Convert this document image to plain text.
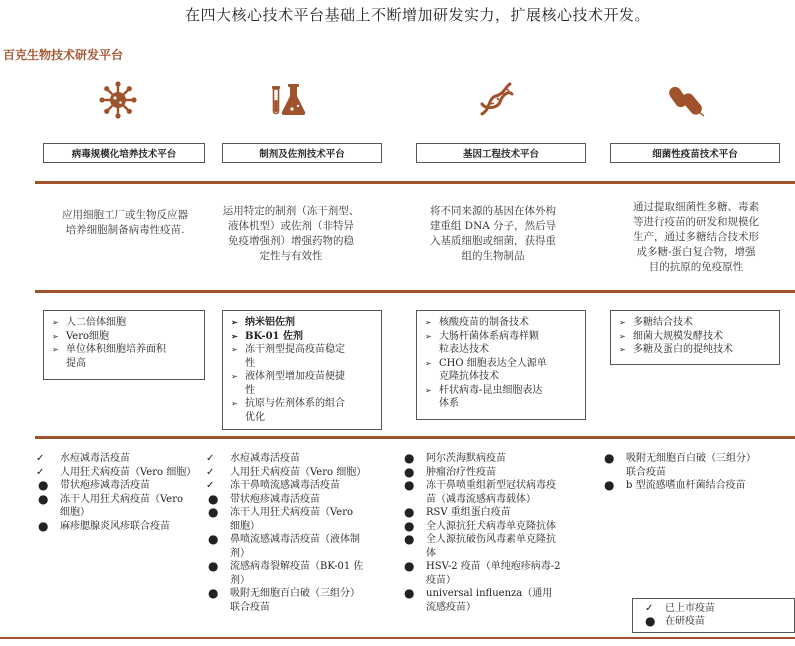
在四大核心技术平台基础上不断增加研发实力，扩展核心技术开发。
百克生物技术研发平台
病毒规模化培养技术平台	制剂及佐剂技术平台	基因工程技术平台	细菌性疫苗技术平台
应用细胞工厂或生物反应器
培养细胞制备病毒性疫苗.
运用特定的制剂（冻干剂型、
液体机型）或佐剂（非特异
免疫增强剂）增强药物的稳
定性与有效性
将不同来源的基因在体外构
建重组 DNA 分子，然后导
入基质细胞或细菌，获得重
组的生物制品
通过提取细菌性多糖、毒素
等进行疫苗的研发和规模化
生产，通过多糖结合技术形
成多糖-蛋白复合物，增强
目的抗原的免疫原性
➢ 人二倍体细胞
➢ Vero细胞
➢ 单位体积细胞培养面积
提高
➢ 纳米铝佐剂
➢ BK-01 佐剂
➢ 冻干剂型提高疫苗稳定
性
➢ 液体剂型增加疫苗便捷
性
➢ 抗原与佐剂体系的组合
优化
➢ 核酸疫苗的制备技术
➢ 大肠杆菌体系病毒样颗
粒表达技术
➢ CHO 细胞表达全人源单
克隆抗体技术
➢ 杆状病毒-昆虫细胞表达
体系
➢ 多糖结合技术
➢ 细菌大规模发酵技术
➢ 多糖及蛋白的提纯技术
✓ 水痘减毒活疫苗
✓ 人用狂犬病疫苗（Vero 细胞）
● 带状疱疹减毒活疫苗
● 冻干人用狂犬病疫苗（Vero
细胞）
● 麻疹腮腺炎风疹联合疫苗
✓ 水痘减毒活疫苗
✓ 人用狂犬病疫苗（Vero 细胞）
✓ 冻干鼻喷流感减毒活疫苗
● 带状疱疹减毒活疫苗
● 冻干人用狂犬病疫苗（Vero
细胞）
● 鼻喷流感减毒活疫苗（液体制
剂）
● 流感病毒裂解疫苗（BK-01 佐
剂）
● 吸附无细胞百白破（三组分）
联合疫苗
● 阿尔茨海默病疫苗
● 肿瘤治疗性疫苗
● 冻干鼻喷重组新型冠状病毒疫
苗（减毒流感病毒载体）
● RSV 重组蛋白疫苗
● 全人源抗狂犬病毒单克隆抗体
● 全人源抗破伤风毒素单克隆抗
体
● HSV-2 疫苗（单纯疱疹病毒-2
疫苗）
● universal influenza（通用
流感疫苗）
● 吸附无细胞百白破（三组分）
联合疫苗
● b 型流感嗜血杆菌结合疫苗
✓ 已上市疫苗
● 在研疫苗
